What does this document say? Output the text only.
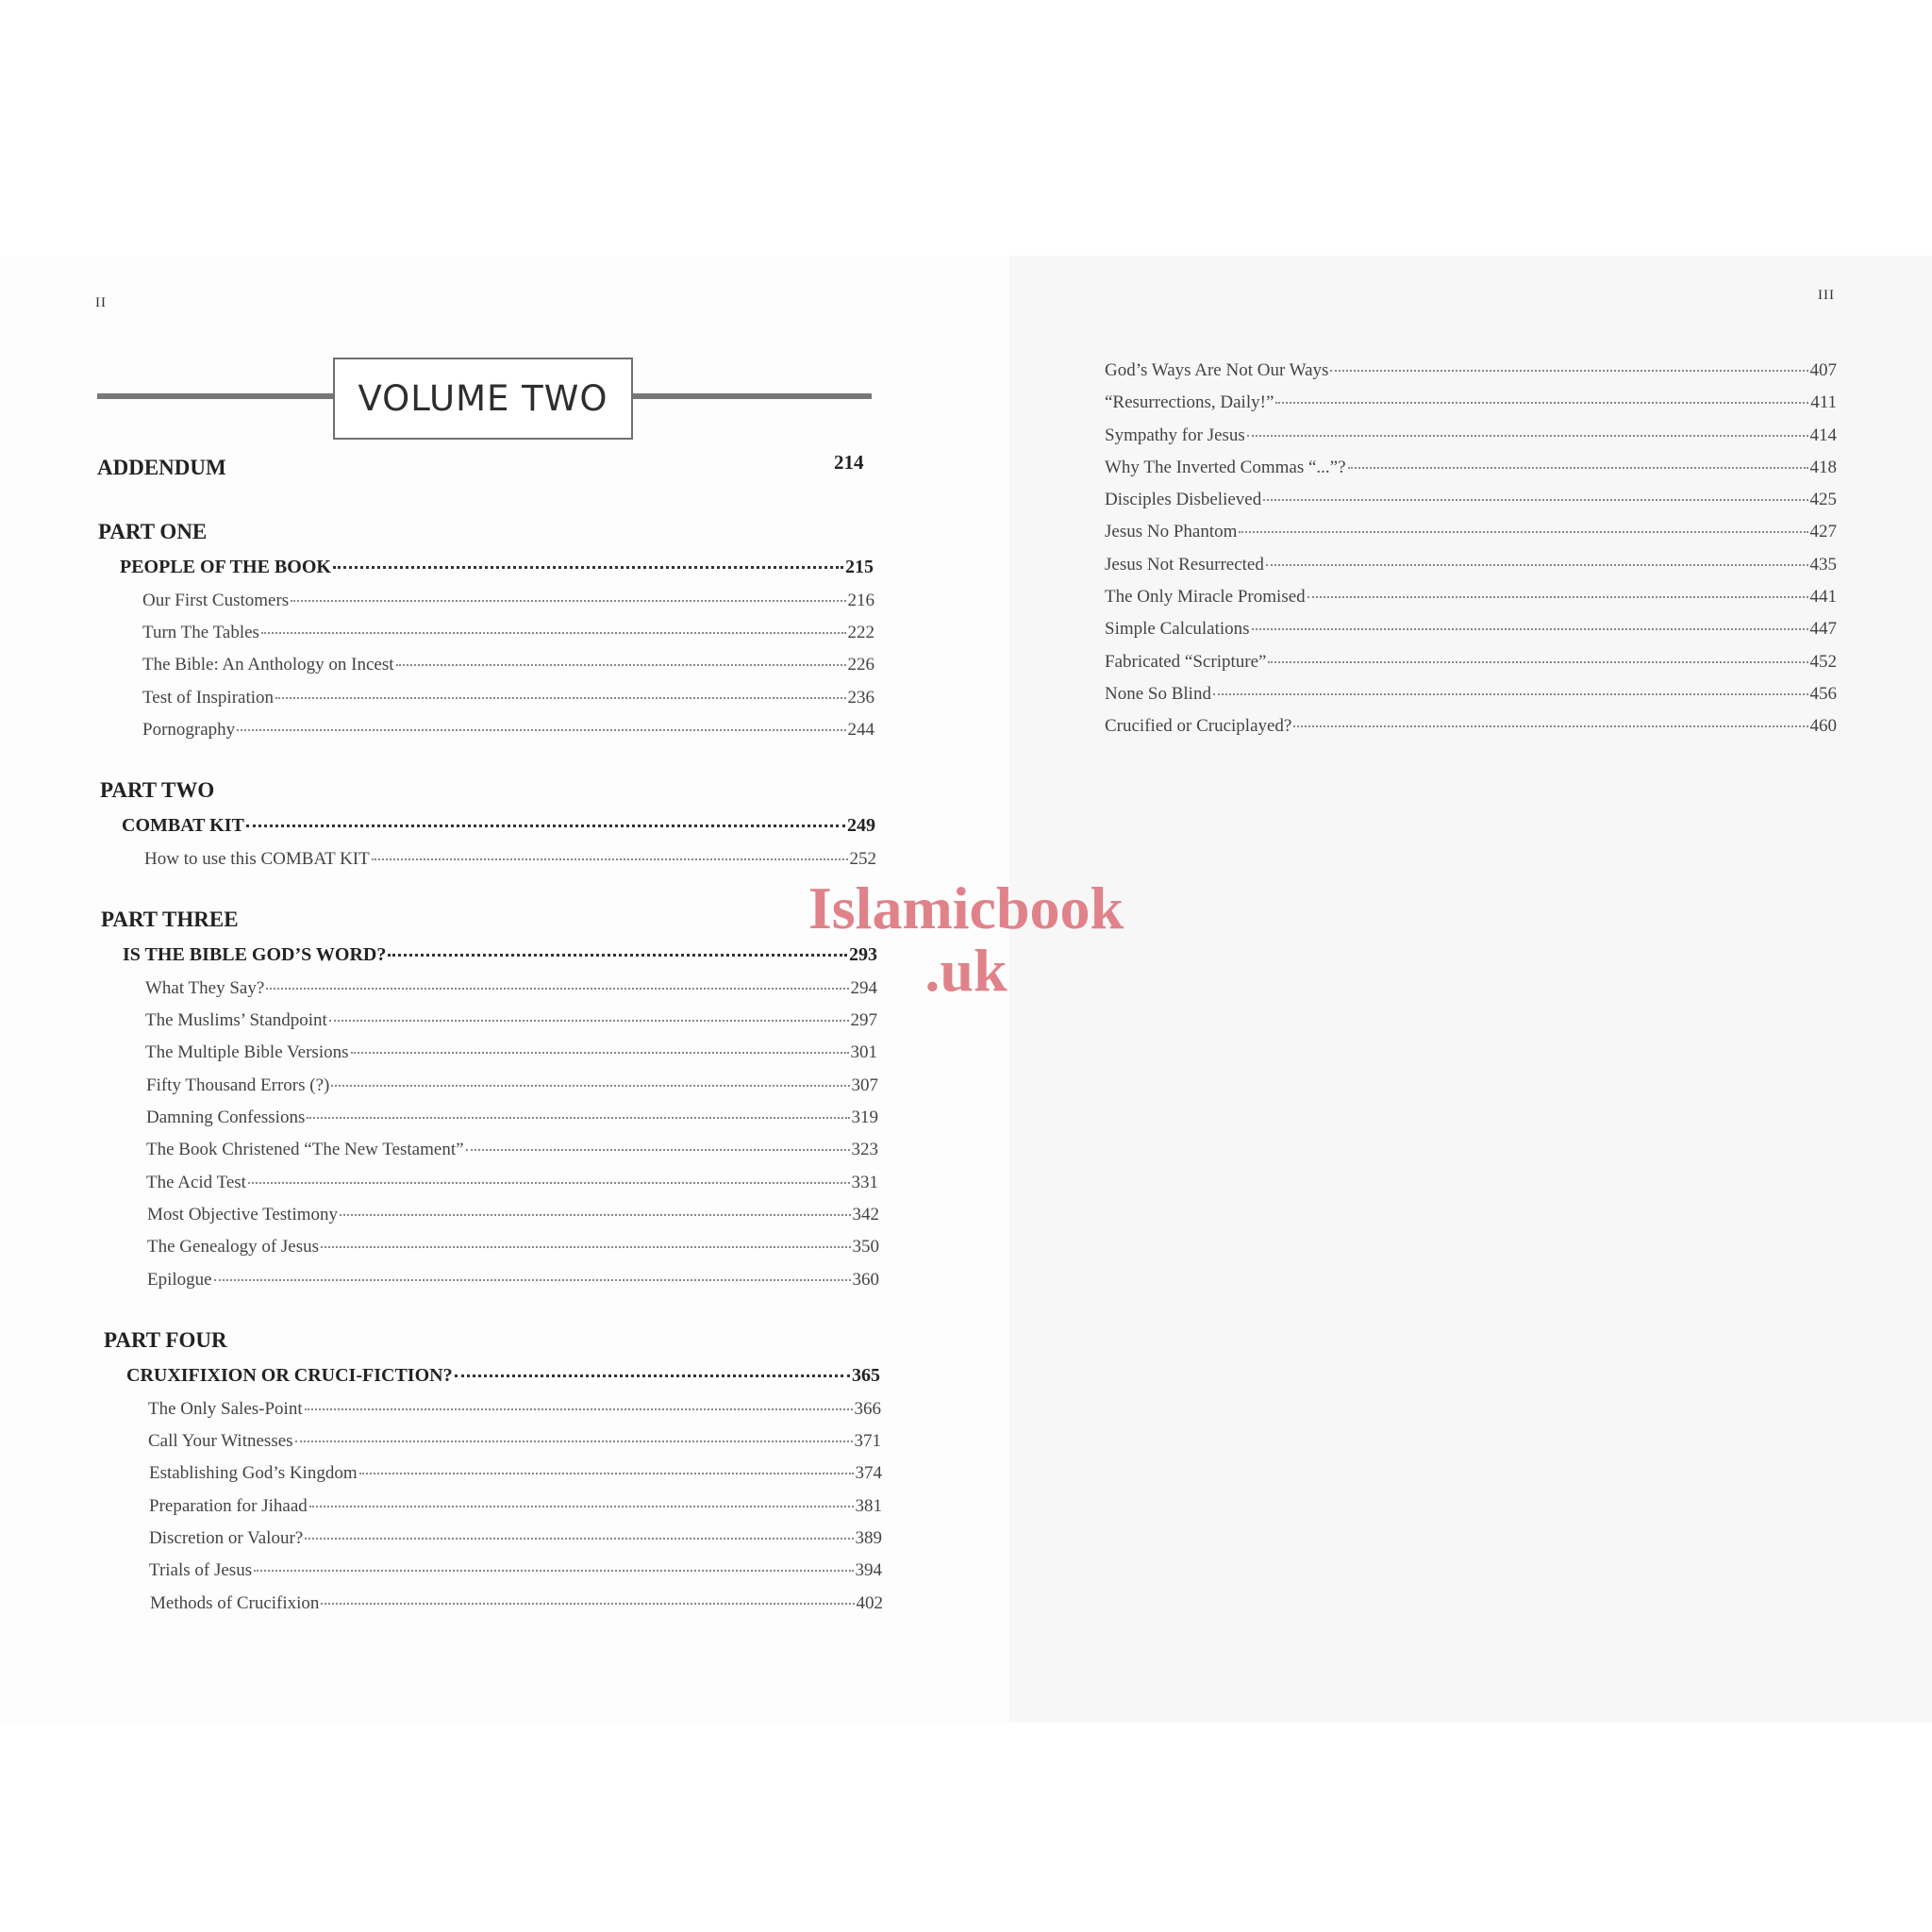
II	III
VOLUME TWO
ADDENDUM	214
PART ONE
PEOPLE OF THE BOOK	215
Our First Customers	216
Turn The Tables	222
The Bible: An Anthology on Incest	226
Test of Inspiration	236
Pornography	244
PART TWO
COMBAT KIT	249
How to use this COMBAT KIT	252
PART THREE
IS THE BIBLE GOD’S WORD?	293
What They Say?	294
The Muslims’ Standpoint	297
The Multiple Bible Versions	301
Fifty Thousand Errors (?)	307
Damning Confessions	319
The Book Christened “The New Testament”	323
The Acid Test	331
Most Objective Testimony	342
The Genealogy of Jesus	350
Epilogue	360
PART FOUR
CRUXIFIXION OR CRUCI-FICTION?	365
The Only Sales-Point	366
Call Your Witnesses	371
Establishing God’s Kingdom	374
Preparation for Jihaad	381
Discretion or Valour?	389
Trials of Jesus	394
Methods of Crucifixion	402
God’s Ways Are Not Our Ways	407
“Resurrections, Daily!”	411
Sympathy for Jesus	414
Why The Inverted Commas “...”?	418
Disciples Disbelieved	425
Jesus No Phantom	427
Jesus Not Resurrected	435
The Only Miracle Promised	441
Simple Calculations	447
Fabricated “Scripture”	452
None So Blind	456
Crucified or Cruciplayed?	460
Islamicbook
.uk
